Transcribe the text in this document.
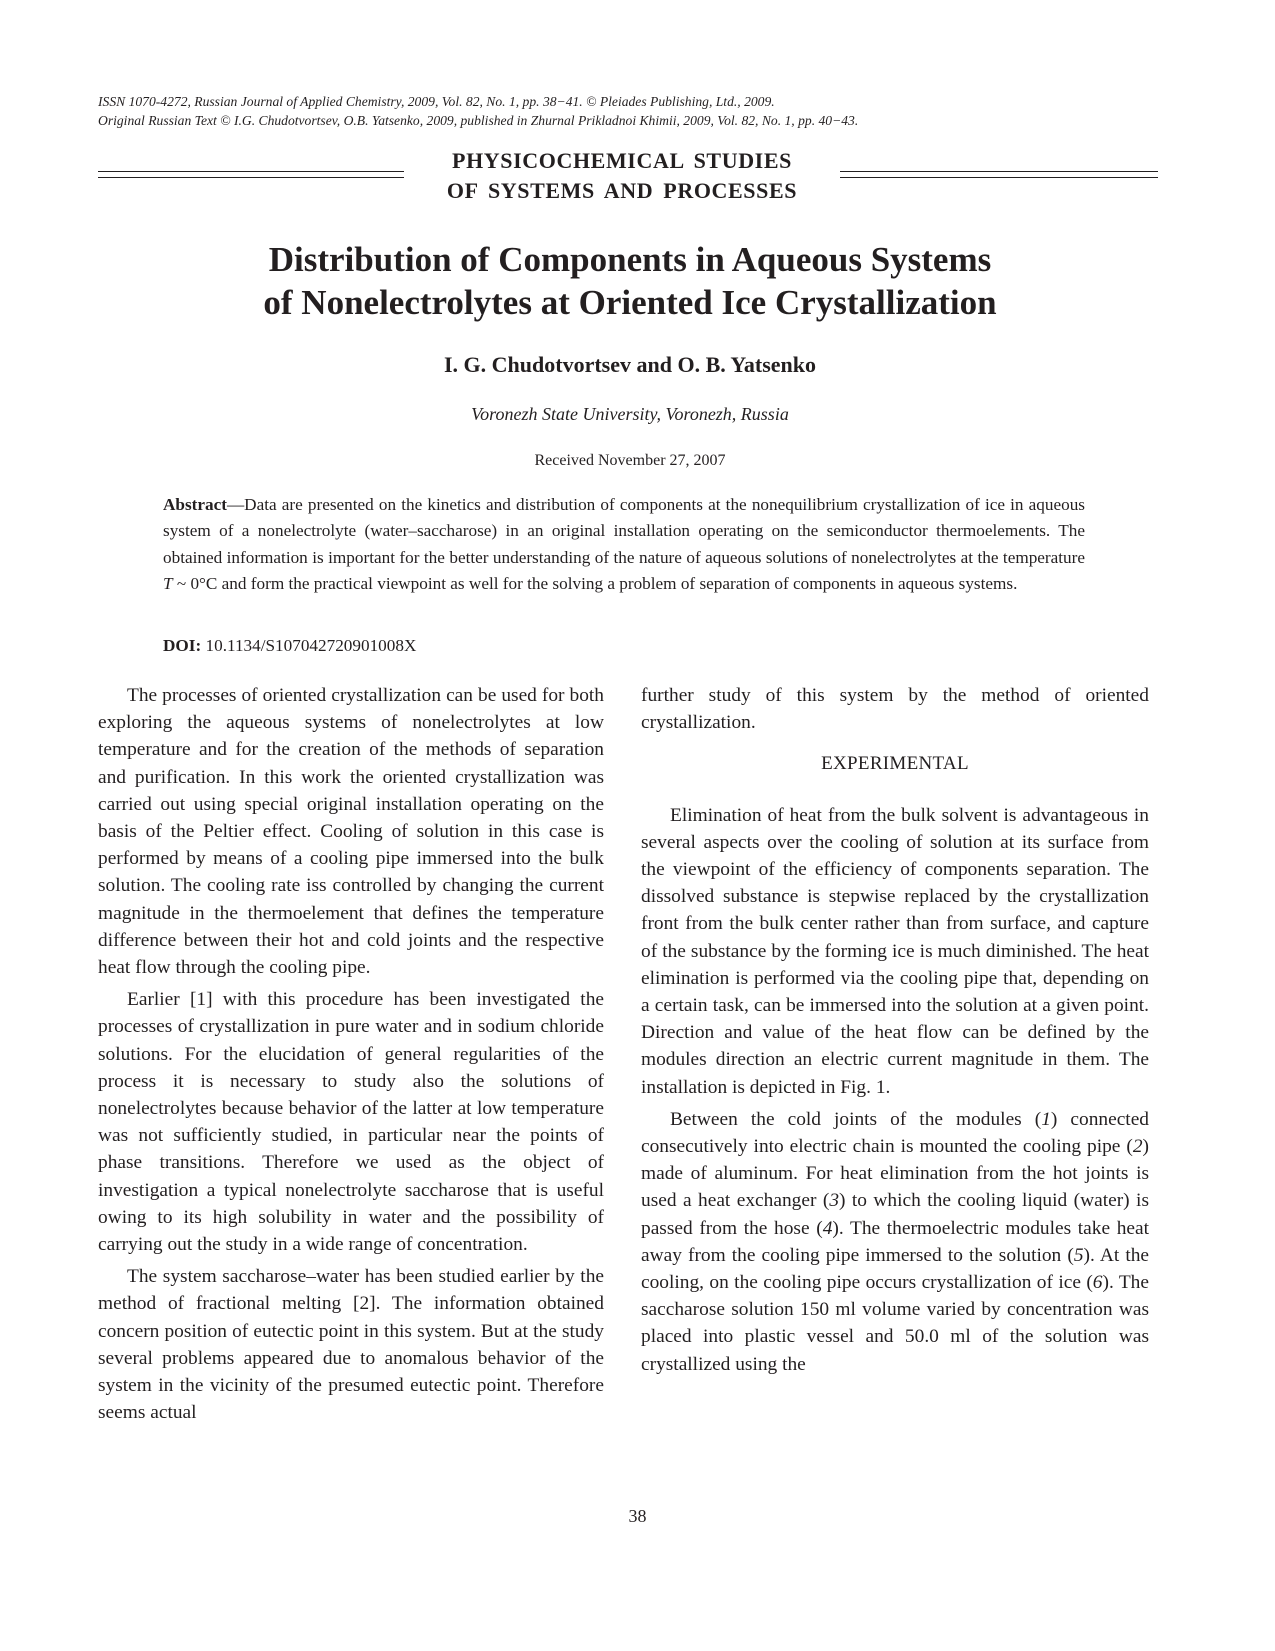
ISSN 1070-4272, Russian Journal of Applied Chemistry, 2009, Vol. 82, No. 1, pp. 38−41. © Pleiades Publishing, Ltd., 2009.
Original Russian Text © I.G. Chudotvortsev, O.B. Yatsenko, 2009, published in Zhurnal Prikladnoi Khimii, 2009, Vol. 82, No. 1, pp. 40−43.
PHYSICOCHEMICAL STUDIES
OF SYSTEMS AND PROCESSES
Distribution of Components in Aqueous Systems
of Nonelectrolytes at Oriented Ice Crystallization
I. G. Chudotvortsev and O. B. Yatsenko
Voronezh State University, Voronezh, Russia
Received November 27, 2007
Abstract—Data are presented on the kinetics and distribution of components at the nonequilibrium crystallization of ice in aqueous system of a nonelectrolyte (water–saccharose) in an original installation operating on the semiconductor thermoelements. The obtained information is important for the better understanding of the nature of aqueous solutions of nonelectrolytes at the temperature T ~ 0°C and form the practical viewpoint as well for the solving a problem of separation of components in aqueous systems.
DOI: 10.1134/S107042720901008X

The processes of oriented crystallization can be used for both exploring the aqueous systems of nonelectrolytes at low temperature and for the creation of the methods of separation and purification. In this work the oriented crystallization was carried out using special original installation operating on the basis of the Peltier effect. Cooling of solution in this case is performed by means of a cooling pipe immersed into the bulk solution. The cooling rate iss controlled by changing the current magnitude in the thermoelement that defines the temperature difference between their hot and cold joints and the respective heat flow through the cooling pipe.

Earlier [1] with this procedure has been investigated the processes of crystallization in pure water and in sodium chloride solutions. For the elucidation of general regularities of the process it is necessary to study also the solutions of nonelectrolytes because behavior of the latter at low temperature was not sufficiently studied, in particular near the points of phase transitions. Therefore we used as the object of investigation a typical nonelectrolyte saccharose that is useful owing to its high solubility in water and the possibility of carrying out the study in a wide range of concentration.

The system saccharose–water has been studied earlier by the method of fractional melting [2]. The information obtained concern position of eutectic point in this system. But at the study several problems appeared due to anomalous behavior of the system in the vicinity of the presumed eutectic point. Therefore seems actual

further study of this system by the method of oriented crystallization.

EXPERIMENTAL

Elimination of heat from the bulk solvent is advantageous in several aspects over the cooling of solution at its surface from the viewpoint of the efficiency of components separation. The dissolved substance is stepwise replaced by the crystallization front from the bulk center rather than from surface, and capture of the substance by the forming ice is much diminished. The heat elimination is performed via the cooling pipe that, depending on a certain task, can be immersed into the solution at a given point. Direction and value of the heat flow can be defined by the modules direction an electric current magnitude in them. The installation is depicted in Fig. 1.

Between the cold joints of the modules (1) connected consecutively into electric chain is mounted the cooling pipe (2) made of aluminum. For heat elimination from the hot joints is used a heat exchanger (3) to which the cooling liquid (water) is passed from the hose (4). The thermoelectric modules take heat away from the cooling pipe immersed to the solution (5). At the cooling, on the cooling pipe occurs crystallization of ice (6). The saccharose solution 150 ml volume varied by concentration was placed into plastic vessel and 50.0 ml of the solution was crystallized using the

38
